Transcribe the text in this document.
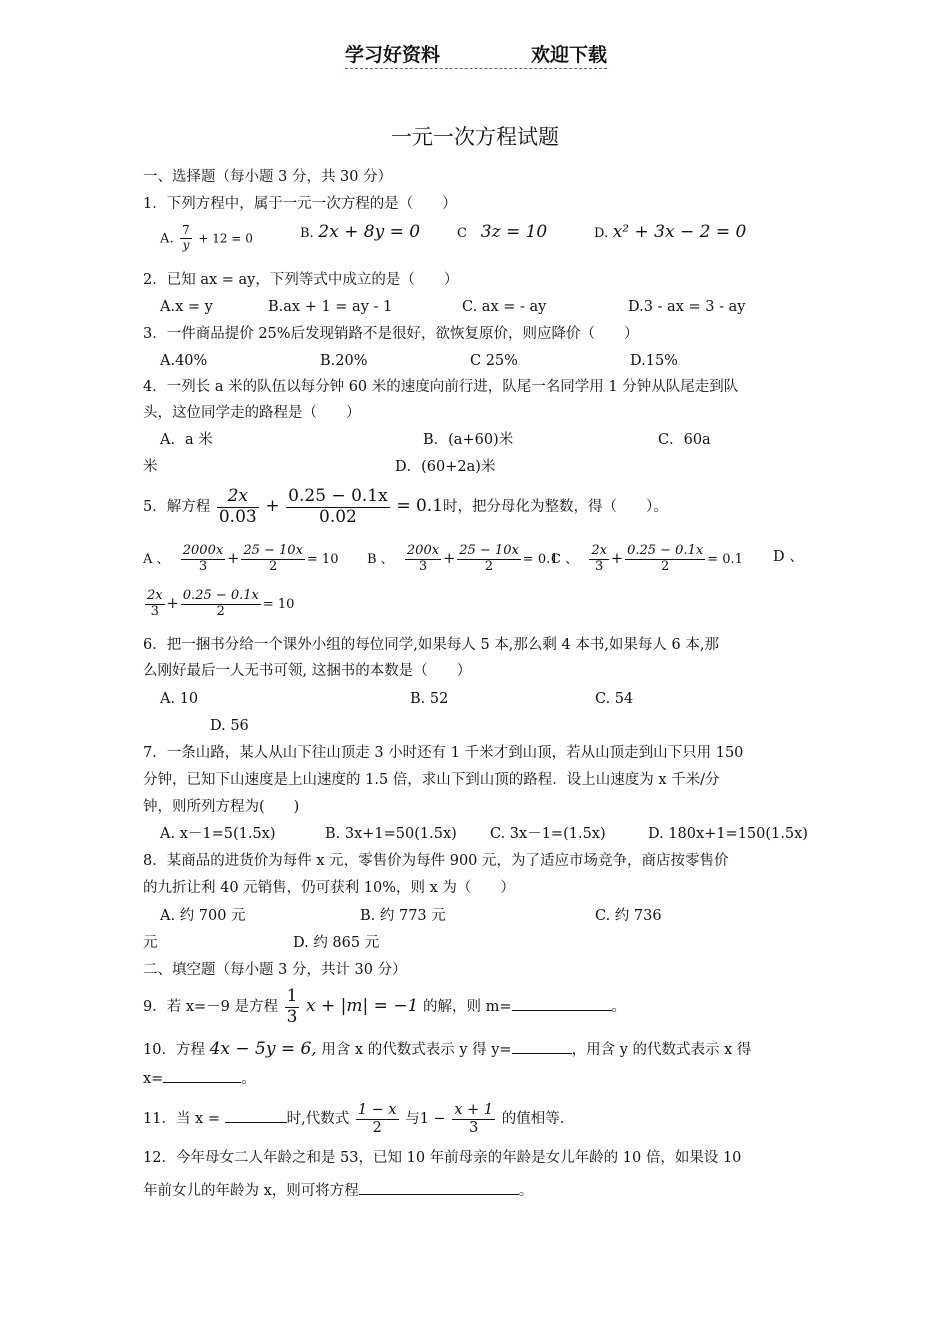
学习好资料	欢迎下载
一元一次方程试题
一、选择题（每小题 3 分，共 30 分）
1．下列方程中，属于一元一次方程的是（　　）
A. $\frac{7}{y} + 12 = 0$	B. 2x + 8y = 0	C 3z = 10	D. x² + 3x − 2 = 0
2．已知 ax = ay，下列等式中成立的是（　　）
A.x = y	B.ax + 1 = ay - 1	C. ax = - ay	D.3 - ax = 3 - ay
3．一件商品提价 25%后发现销路不是很好，欲恢复原价，则应降价（　　）
A.40%	B.20%	C 25%	D.15%
4．一列长 a 米的队伍以每分钟 60 米的速度向前行进，队尾一名同学用 1 分钟从队尾走到队
头，这位同学走的路程是（　　）
A．a 米	B．(a+60)米	C．60a
米	D．(60+2a)米
5．解方程 $\frac{2x}{0.03} + \frac{0.25 - 0.1x}{0.02} = 0.1$时，把分母化为整数，得（　　）。
A 、 $\frac{2000x}{3} + \frac{25 - 10x}{2} = 10$ B 、 $\frac{200x}{3} + \frac{25 - 10x}{2} = 0.1$
C 、 $\frac{2x}{3} + \frac{0.25 - 0.1x}{2} = 0.1$ D 、
$\frac{2x}{3} + \frac{0.25 - 0.1x}{2} = 10$
6．把一捆书分给一个课外小组的每位同学,如果每人 5 本,那么剩 4 本书,如果每人 6 本,那
么刚好最后一人无书可领, 这捆书的本数是（　　）
A. 10	B. 52	C. 54
D. 56
7．一条山路，某人从山下往山顶走 3 小时还有 1 千米才到山顶，若从山顶走到山下只用 150
分钟，已知下山速度是上山速度的 1.5 倍，求山下到山顶的路程．设上山速度为 x 千米/分
钟，则所列方程为(　　)
A. x－1=5(1.5x)	B. 3x+1=50(1.5x) C. 3x－1=(1.5x)	D. 180x+1=150(1.5x)
8．某商品的进货价为每件 x 元，零售价为每件 900 元，为了适应市场竞争，商店按零售价
的九折让利 40 元销售，仍可获利 10%，则 x 为（　　）
A. 约 700 元	B. 约 773 元	C. 约 736
元	D. 约 865 元
二、填空题（每小题 3 分，共计 30 分）
9．若 x=－9 是方程 $\frac{1}{3}$ x + |m| = −1 的解，则 m=	。
10．方程 4x − 5y = 6, 用含 x 的代数式表示 y 得 y=	，用含 y 的代数式表示 x 得
x=	。
11．当 x =	时,代数式 $\frac{1 - x}{2}$ 与$1 - \frac{x + 1}{3}$ 的值相等.
12．今年母女二人年龄之和是 53，已知 10 年前母亲的年龄是女儿年龄的 10 倍，如果设 10
年前女儿的年龄为 x，则可将方程	。
